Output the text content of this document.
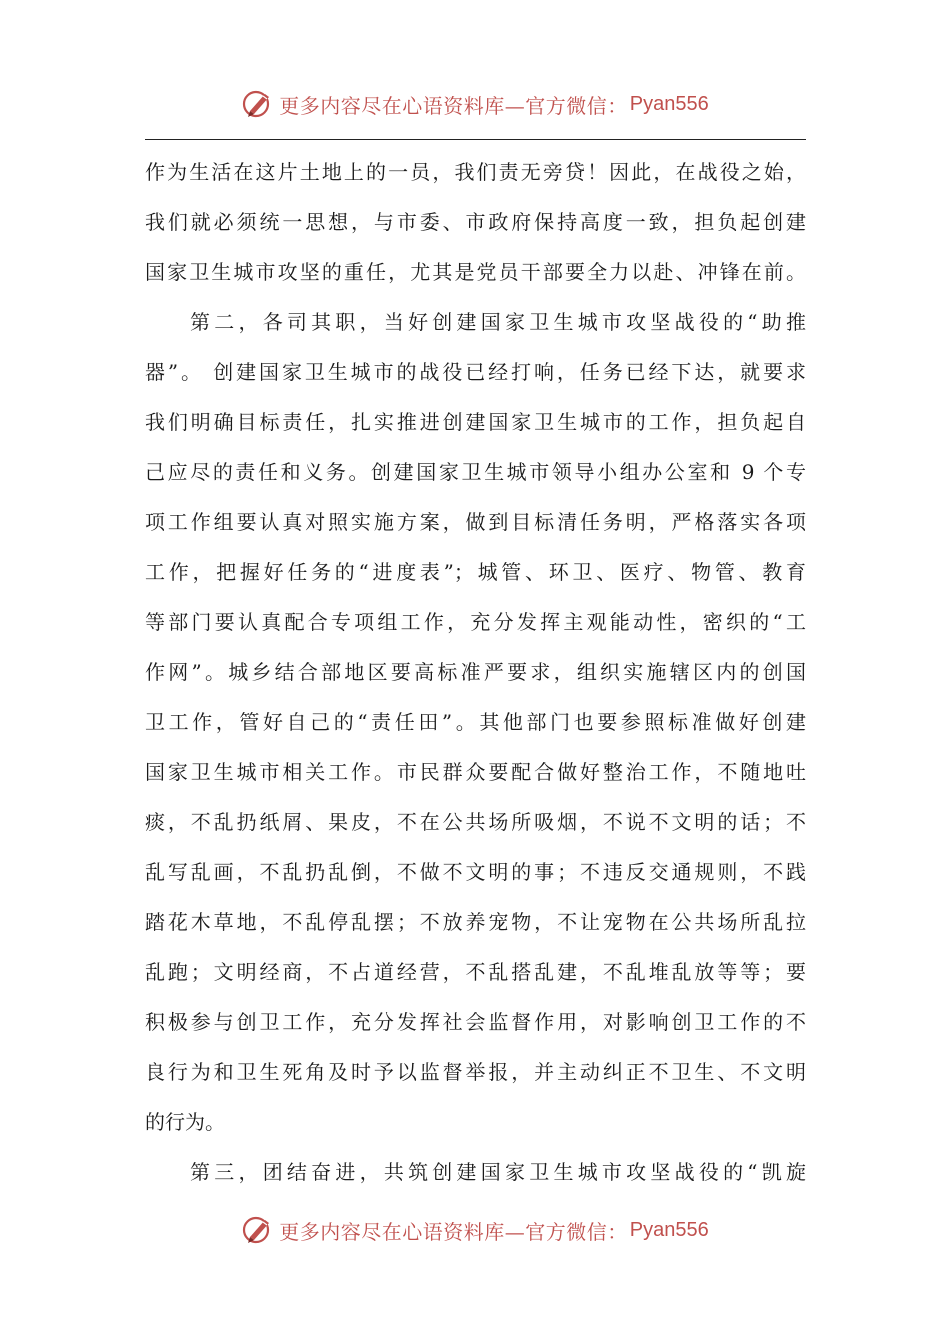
更多内容尽在心语资料库—官方微信： Pyan556
作为生活在这片土地上的一员，我们责无旁贷！因此，在战役之始，
我们就必须统一思想，与市委、市政府保持高度一致，担负起创建
国家卫生城市攻坚的重任，尤其是党员干部要全力以赴、冲锋在前。
第二，各司其职，当好创建国家卫生城市攻坚战役的“助推
器”。 创建国家卫生城市的战役已经打响，任务已经下达，就要求
我们明确目标责任，扎实推进创建国家卫生城市的工作，担负起自
己应尽的责任和义务。创建国家卫生城市领导小组办公室和 9 个专
项工作组要认真对照实施方案，做到目标清任务明，严格落实各项
工作，把握好任务的“进度表”；城管、环卫、医疗、物管、教育
等部门要认真配合专项组工作，充分发挥主观能动性，密织的“工
作网”。城乡结合部地区要高标准严要求，组织实施辖区内的创国
卫工作，管好自己的“责任田”。其他部门也要参照标准做好创建
国家卫生城市相关工作。市民群众要配合做好整治工作，不随地吐
痰，不乱扔纸屑、果皮，不在公共场所吸烟，不说不文明的话；不
乱写乱画，不乱扔乱倒，不做不文明的事；不违反交通规则，不践
踏花木草地，不乱停乱摆；不放养宠物，不让宠物在公共场所乱拉
乱跑；文明经商，不占道经营，不乱搭乱建，不乱堆乱放等等；要
积极参与创卫工作，充分发挥社会监督作用，对影响创卫工作的不
良行为和卫生死角及时予以监督举报，并主动纠正不卫生、不文明
的行为。
第三，团结奋进，共筑创建国家卫生城市攻坚战役的“凯旋
更多内容尽在心语资料库—官方微信： Pyan556
